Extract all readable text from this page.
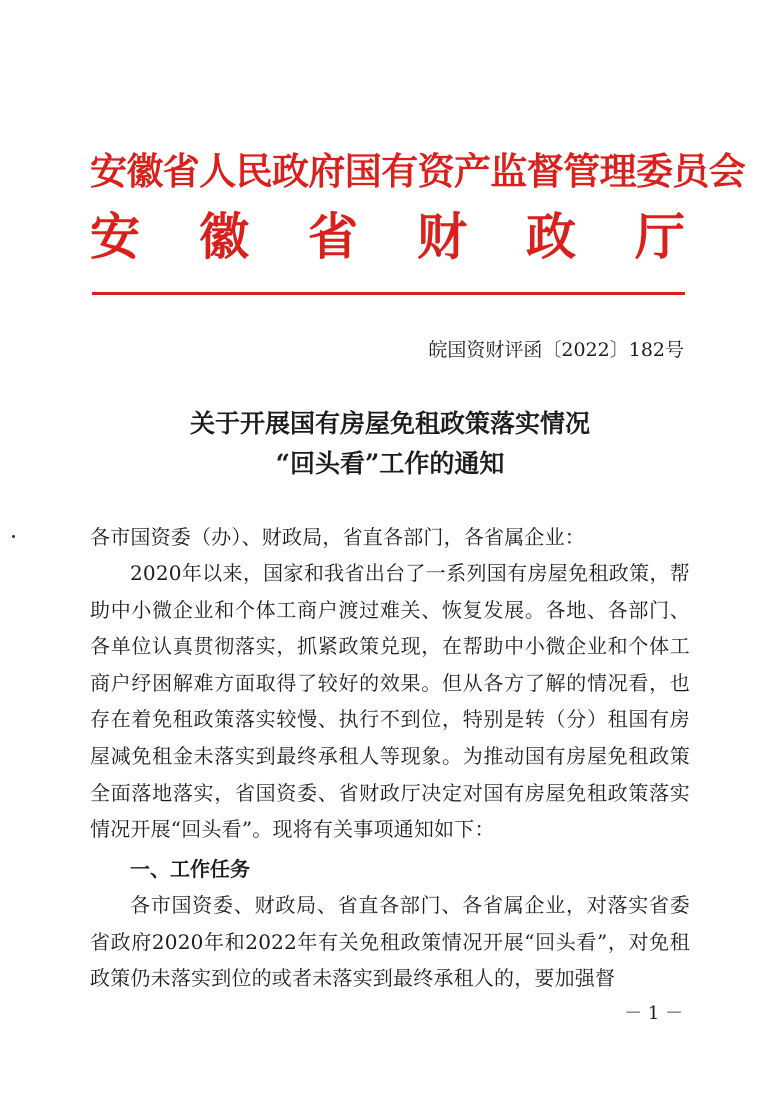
安徽省人民政府国有资产监督管理委员会
安 徽 省 财 政 厅
皖国资财评函〔2022〕182号
关于开展国有房屋免租政策落实情况
“回头看”工作的通知
各市国资委（办）、财政局，省直各部门，各省属企业：
2020年以来，国家和我省出台了一系列国有房屋免租政策，帮助中小微企业和个体工商户渡过难关、恢复发展。各地、各部门、各单位认真贯彻落实，抓紧政策兑现，在帮助中小微企业和个体工商户纾困解难方面取得了较好的效果。但从各方了解的情况看，也存在着免租政策落实较慢、执行不到位，特别是转（分）租国有房屋减免租金未落实到最终承租人等现象。为推动国有房屋免租政策全面落地落实，省国资委、省财政厅决定对国有房屋免租政策落实情况开展“回头看”。现将有关事项通知如下：
一、工作任务
各市国资委、财政局、省直各部门、各省属企业，对落实省委省政府2020年和2022年有关免租政策情况开展“回头看”，对免租政策仍未落实到位的或者未落实到最终承租人的，要加强督
－ 1 －
